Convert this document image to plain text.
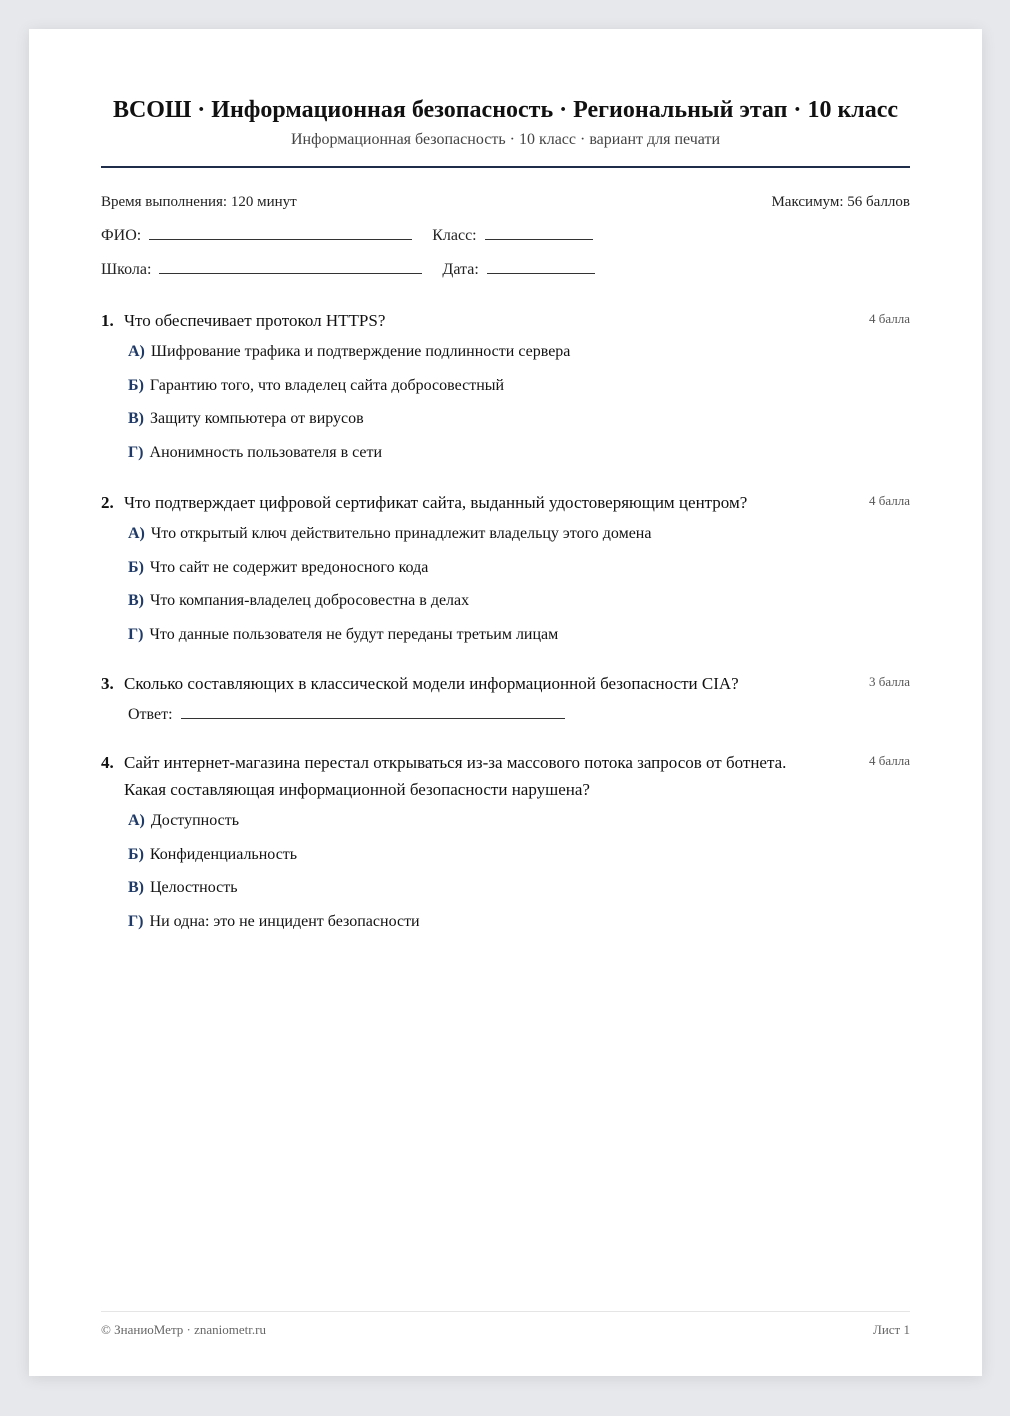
ВСОШ · Информационная безопасность · Региональный этап · 10 класс
Информационная безопасность · 10 класс · вариант для печати
Время выполнения: 120 минут	Максимум: 56 баллов
ФИО:	Класс:
Школа:	Дата:
1. Что обеспечивает протокол HTTPS?	4 балла
А) Шифрование трафика и подтверждение подлинности сервера
Б) Гарантию того, что владелец сайта добросовестный
В) Защиту компьютера от вирусов
Г) Анонимность пользователя в сети
2. Что подтверждает цифровой сертификат сайта, выданный удостоверяющим центром?	4 балла
А) Что открытый ключ действительно принадлежит владельцу этого домена
Б) Что сайт не содержит вредоносного кода
В) Что компания-владелец добросовестна в делах
Г) Что данные пользователя не будут переданы третьим лицам
3. Сколько составляющих в классической модели информационной безопасности CIA?	3 балла
Ответ:
4. Сайт интернет-магазина перестал открываться из-за массового потока запросов от ботнета. Какая составляющая информационной безопасности нарушена?
4 балла
А) Доступность
Б) Конфиденциальность
В) Целостность
Г) Ни одна: это не инцидент безопасности
© ЗнаниоМетр · znaniometr.ru	Лист 1
